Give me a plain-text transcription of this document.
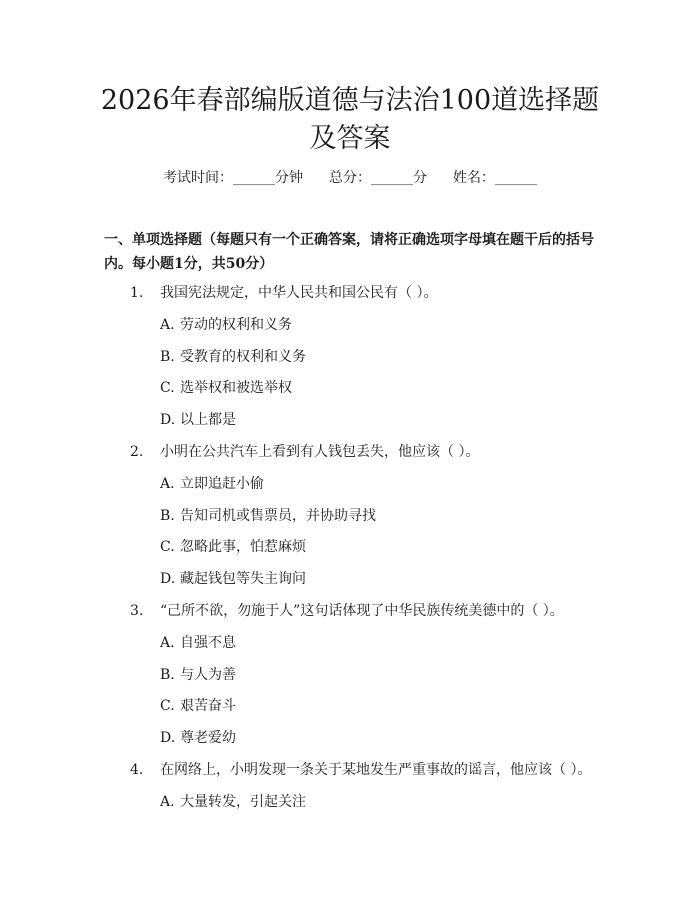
2026年春部编版道德与法治100道选择题及答案
考试时间：______分钟 总分：______分 姓名：______

一、单项选择题（每题只有一个正确答案，请将正确选项字母填在题干后的括号内。每小题1分，共50分）

1. 我国宪法规定，中华人民共和国公民有（ ）。
A. 劳动的权利和义务
B. 受教育的权利和义务
C. 选举权和被选举权
D. 以上都是
2. 小明在公共汽车上看到有人钱包丢失，他应该（ ）。
A. 立即追赶小偷
B. 告知司机或售票员，并协助寻找
C. 忽略此事，怕惹麻烦
D. 藏起钱包等失主询问
3. “己所不欲，勿施于人”这句话体现了中华民族传统美德中的（ ）。
A. 自强不息
B. 与人为善
C. 艰苦奋斗
D. 尊老爱幼
4. 在网络上，小明发现一条关于某地发生严重事故的谣言，他应该（ ）。
A. 大量转发，引起关注
